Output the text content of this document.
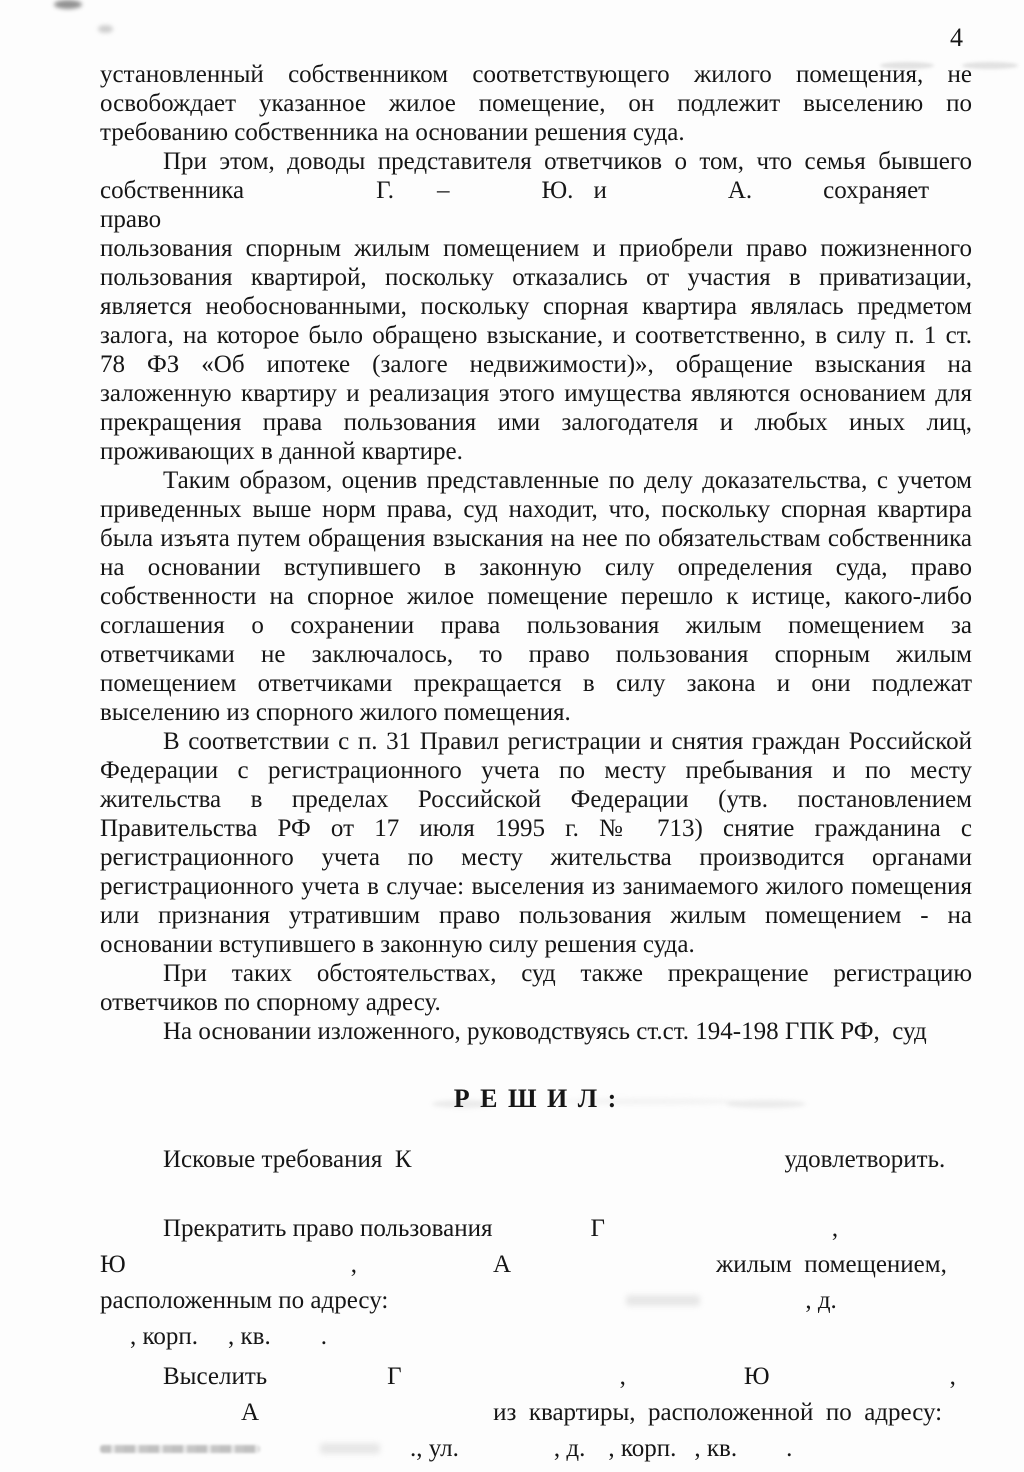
4
установленный собственником соответствующего жилого помещения, не
освобождает указанное жилое помещение, он подлежит выселению по
требованию собственника на основании решения суда.
При этом, доводы представителя ответчиков о том, что семья бывшего
собственника	Г. –	Ю. и	А.	сохраняет право
пользования спорным жилым помещением и приобрели право пожизненного
пользования квартирой, поскольку отказались от участия в приватизации,
является необоснованными, поскольку спорная квартира являлась предметом
залога, на которое было обращено взыскание, и соответственно, в силу п. 1 ст.
78 ФЗ «Об ипотеке (залоге недвижимости)», обращение взыскания на
заложенную квартиру и реализация этого имущества являются основанием для
прекращения права пользования ими залогодателя и любых иных лиц,
проживающих в данной квартире.
Таким образом, оценив представленные по делу доказательства, с учетом
приведенных выше норм права, суд находит, что, поскольку спорная квартира
была изъята путем обращения взыскания на нее по обязательствам собственника
на основании вступившего в законную силу определения суда, право
собственности на спорное жилое помещение перешло к истице, какого-либо
соглашения о сохранении права пользования жилым помещением за
ответчиками не заключалось, то право пользования спорным жилым
помещением ответчиками прекращается в силу закона и они подлежат
выселению из спорного жилого помещения.
В соответствии с п. 31 Правил регистрации и снятия граждан Российской
Федерации с регистрационного учета по месту пребывания и по месту
жительства в пределах Российской Федерации (утв. постановлением
Правительства РФ от 17 июля 1995 г. № 713) снятие гражданина с
регистрационного учета по месту жительства производится органами
регистрационного учета в случае: выселения из занимаемого жилого помещения
или признания утратившим право пользования жилым помещением - на
основании вступившего в законную силу решения суда.
При таких обстоятельствах, суд также прекращение регистрацию
ответчиков по спорному адресу.
На основании изложенного, руководствуясь ст.ст. 194-198 ГПК РФ,  суд
Р Е Ш И Л :
Исковые требования  К	удовлетворить.
Прекратить право пользования	Г	,
Ю	,	А	жилым  помещением,
расположенным по адресу:	, д.
, корп. , кв. .
Выселить	Г	,	Ю	,
А	из  квартиры,  расположенной  по  адресу:
., ул.	, д. , корп. , кв. .
